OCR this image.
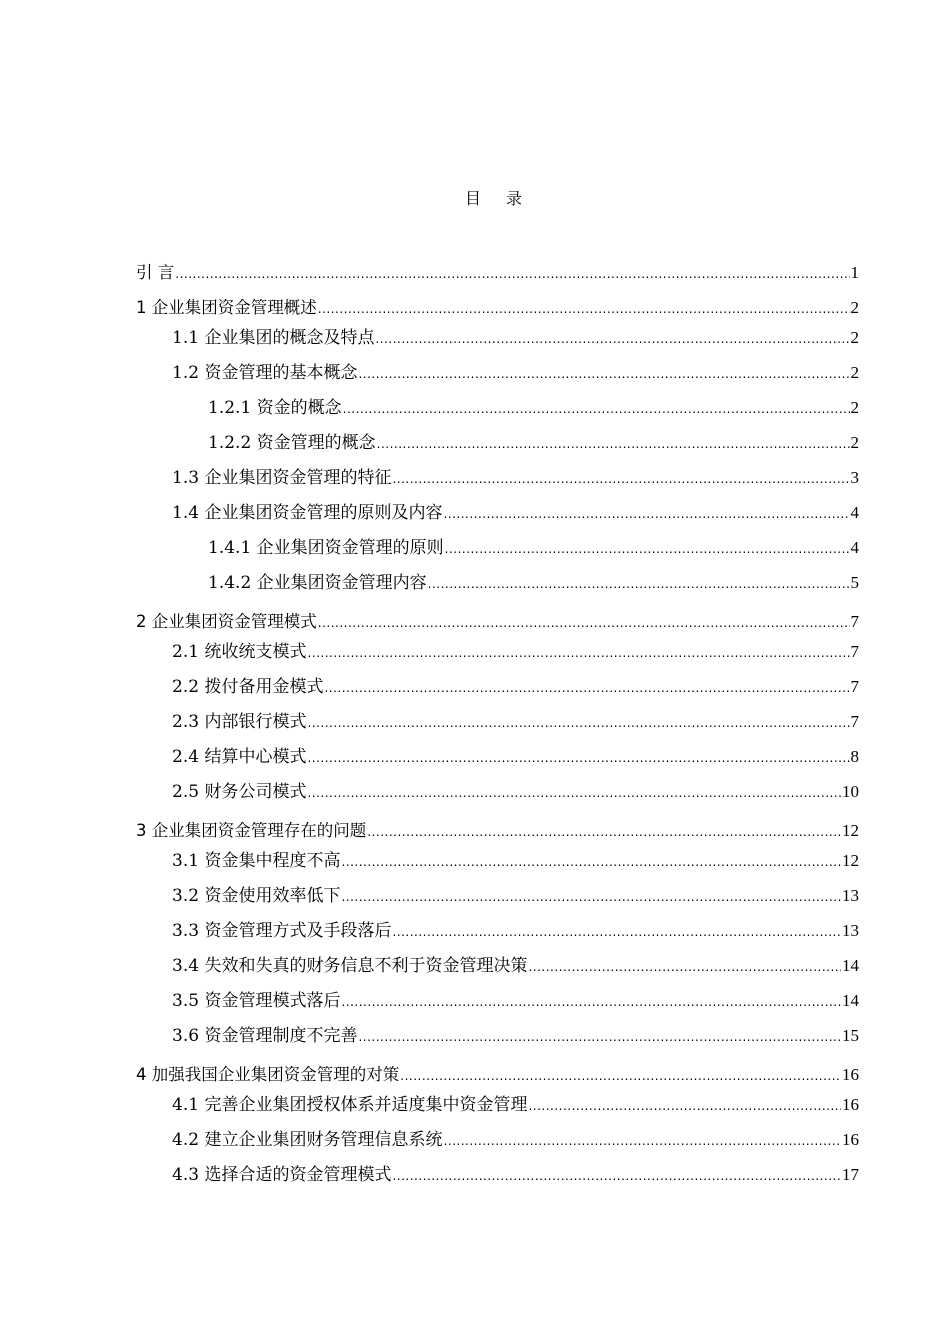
目 录
引 言 .....	1
1 企业集团资金管理概述 .....	2
1.1 企业集团的概念及特点 .....	2
1.2 资金管理的基本概念 .....	2
1.2.1 资金的概念 .....	2
1.2.2 资金管理的概念 .....	2
1.3 企业集团资金管理的特征 .....	3
1.4 企业集团资金管理的原则及内容 .....	4
1.4.1 企业集团资金管理的原则 .....	4
1.4.2 企业集团资金管理内容 .....	5
2 企业集团资金管理模式 .....	7
2.1 统收统支模式 .....	7
2.2 拨付备用金模式 .....	7
2.3 内部银行模式 .....	7
2.4 结算中心模式 .....	8
2.5 财务公司模式 .....	10
3 企业集团资金管理存在的问题 .....	12
3.1 资金集中程度不高 .....	12
3.2 资金使用效率低下 .....	13
3.3 资金管理方式及手段落后 .....	13
3.4 失效和失真的财务信息不利于资金管理决策 .....	14
3.5 资金管理模式落后 .....	14
3.6 资金管理制度不完善 .....	15
4 加强我国企业集团资金管理的对策 .....	16
4.1 完善企业集团授权体系并适度集中资金管理 .....	16
4.2 建立企业集团财务管理信息系统 .....	16
4.3 选择合适的资金管理模式 .....	17
